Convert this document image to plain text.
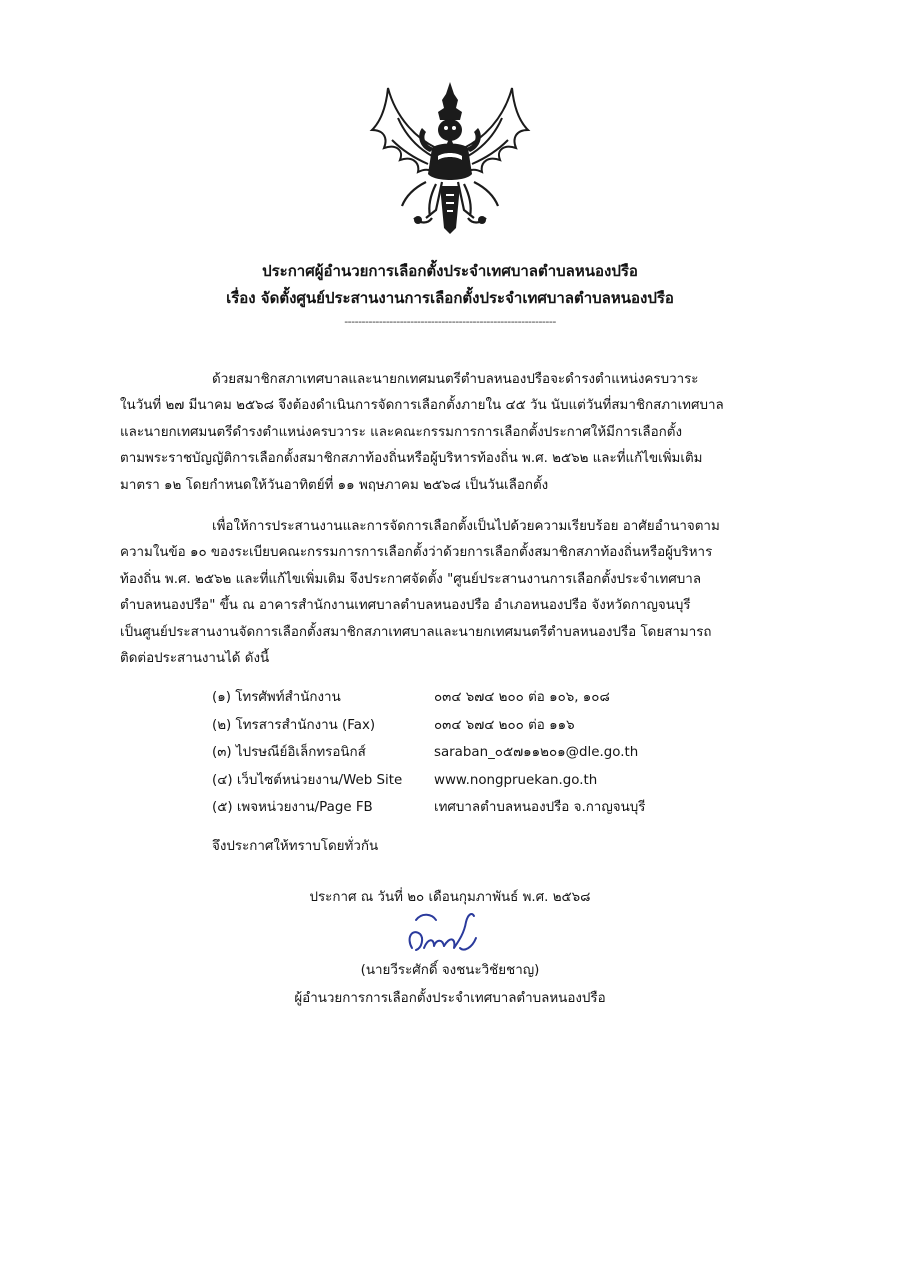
ประกาศผู้อำนวยการเลือกตั้งประจำเทศบาลตำบลหนองปรือ
เรื่อง จัดตั้งศูนย์ประสานงานการเลือกตั้งประจำเทศบาลตำบลหนองปรือ
-------------------------------------------------------------
ด้วยสมาชิกสภาเทศบาลและนายกเทศมนตรีตำบลหนองปรือจะดำรงตำแหน่งครบวาระ
ในวันที่ ๒๗ มีนาคม ๒๕๖๘ จึงต้องดำเนินการจัดการเลือกตั้งภายใน ๔๕ วัน นับแต่วันที่สมาชิกสภาเทศบาล
และนายกเทศมนตรีดำรงตำแหน่งครบวาระ และคณะกรรมการการเลือกตั้งประกาศให้มีการเลือกตั้ง
ตามพระราชบัญญัติการเลือกตั้งสมาชิกสภาท้องถิ่นหรือผู้บริหารท้องถิ่น พ.ศ. ๒๕๖๒ และที่แก้ไขเพิ่มเติม
มาตรา ๑๒ โดยกำหนดให้วันอาทิตย์ที่ ๑๑ พฤษภาคม ๒๕๖๘ เป็นวันเลือกตั้ง
เพื่อให้การประสานงานและการจัดการเลือกตั้งเป็นไปด้วยความเรียบร้อย อาศัยอำนาจตาม
ความในข้อ ๑๐ ของระเบียบคณะกรรมการการเลือกตั้งว่าด้วยการเลือกตั้งสมาชิกสภาท้องถิ่นหรือผู้บริหาร
ท้องถิ่น พ.ศ. ๒๕๖๒ และที่แก้ไขเพิ่มเติม จึงประกาศจัดตั้ง "ศูนย์ประสานงานการเลือกตั้งประจำเทศบาล
ตำบลหนองปรือ" ขึ้น ณ อาคารสำนักงานเทศบาลตำบลหนองปรือ อำเภอหนองปรือ จังหวัดกาญจนบุรี
เป็นศูนย์ประสานงานจัดการเลือกตั้งสมาชิกสภาเทศบาลและนายกเทศมนตรีตำบลหนองปรือ โดยสามารถ
ติดต่อประสานงานได้ ดังนี้
(๑) โทรศัพท์สำนักงาน	๐๓๔ ๖๗๔ ๒๐๐ ต่อ ๑๐๖, ๑๐๘
(๒) โทรสารสำนักงาน (Fax)	๐๓๔ ๖๗๔ ๒๐๐ ต่อ ๑๑๖
(๓) ไปรษณีย์อิเล็กทรอนิกส์	saraban_๐๕๗๑๑๒๐๑@dle.go.th
(๔) เว็บไซต์หน่วยงาน/Web Site www.nongpruekan.go.th
(๕) เพจหน่วยงาน/Page FB	เทศบาลตำบลหนองปรือ จ.กาญจนบุรี
จึงประกาศให้ทราบโดยทั่วกัน
ประกาศ ณ วันที่ ๒๐ เดือนกุมภาพันธ์ พ.ศ. ๒๕๖๘
(นายวีระศักดิ์ จงชนะวิชัยชาญ)
ผู้อำนวยการการเลือกตั้งประจำเทศบาลตำบลหนองปรือ
